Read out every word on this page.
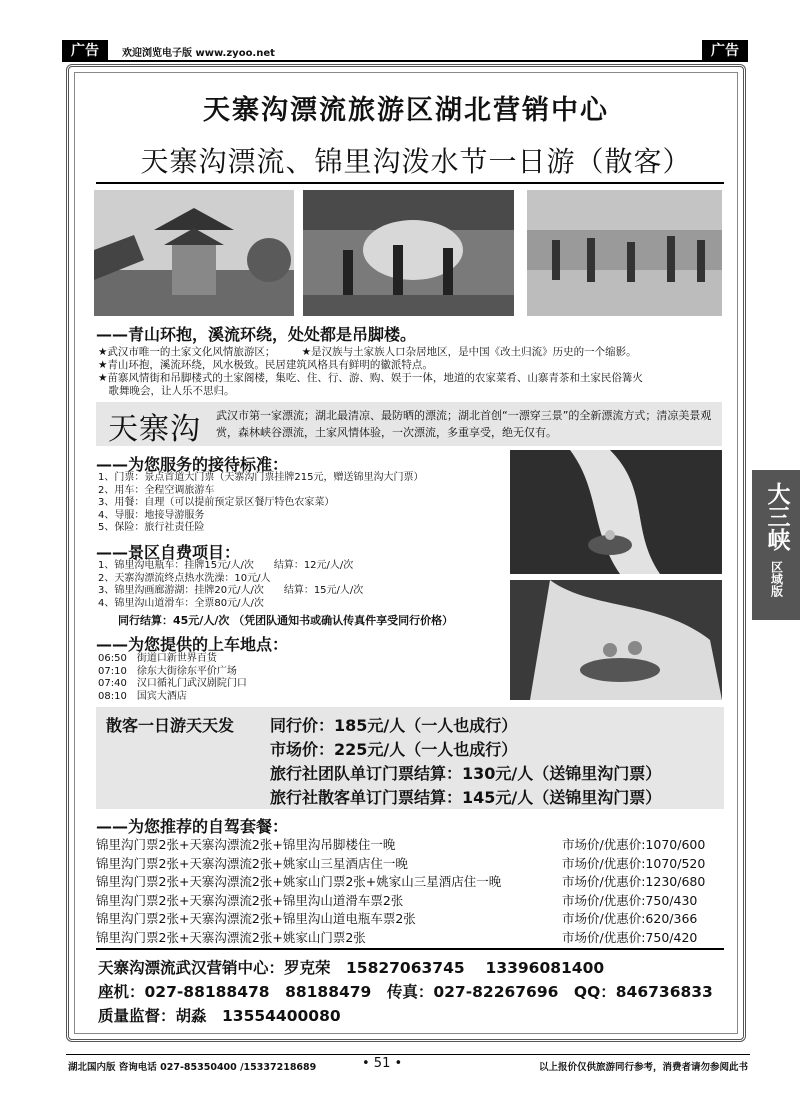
广告	欢迎浏览电子版 www.zyoo.net	广告
天寨沟漂流旅游区湖北营销中心
天寨沟漂流、锦里沟泼水节一日游（散客）
——青山环抱，溪流环绕，处处都是吊脚楼。

★武汉市唯一的土家文化风情旅游区；　　　★是汉族与土家族人口杂居地区，是中国《改土归流》历史的一个缩影。

★青山环抱，溪流环绕，风水极致。民居建筑风格具有鲜明的徽派特点。

★苗寨风情街和吊脚楼式的土家阁楼，集吃、住、行、游、购、娱于一体，地道的农家菜肴、山寨青茶和土家民俗篝火

　歌舞晚会，让人乐不思归。

天寨沟 武汉市第一家漂流；湖北最清凉、最防晒的漂流；湖北首创“一漂穿三景”的全新漂流方式；清凉美景观赏，森林峡谷漂流，土家风情体验，一次漂流，多重享受，绝无仅有。
——为您服务的接待标准：

1、门票：景点首道大门票（天寨沟门票挂牌215元，赠送锦里沟大门票）

2、用车：全程空调旅游车

3、用餐：自理（可以提前预定景区餐厅特色农家菜）

4、导服：地接导游服务

5、保险：旅行社责任险

——景区自费项目：

1、锦里沟电瓶车：挂牌15元/人/次　　结算：12元/人/次

2、天寨沟漂流终点热水洗澡：10元/人

3、锦里沟画廊游湖：挂牌20元/人/次　　结算：15元/人/次

4、锦里沟山道滑车：全票80元/人/次

同行结算：45元/人/次 （凭团队通知书或确认传真件享受同行价格）
——为您提供的上车地点：

06:50　街道口新世界百货

07:10　徐东大街徐东平价广场

07:40　汉口循礼门武汉剧院门口

08:10　国宾大酒店

散客一日游天天发 同行价：185元/人（一人也成行）
市场价：225元/人（一人也成行）
旅行社团队单订门票结算：130元/人（送锦里沟门票）
旅行社散客单订门票结算：145元/人（送锦里沟门票）
——为您推荐的自驾套餐：
锦里沟门票2张+天寨沟漂流2张+锦里沟吊脚楼住一晚	市场价/优惠价:1070/600
锦里沟门票2张+天寨沟漂流2张+姚家山三星酒店住一晚	市场价/优惠价:1070/520
锦里沟门票2张+天寨沟漂流2张+姚家山门票2张+姚家山三星酒店住一晚	市场价/优惠价:1230/680
锦里沟门票2张+天寨沟漂流2张+锦里沟山道滑车票2张	市场价/优惠价:750/430
锦里沟门票2张+天寨沟漂流2张+锦里沟山道电瓶车票2张	市场价/优惠价:620/366
锦里沟门票2张+天寨沟漂流2张+姚家山门票2张	市场价/优惠价:750/420
天寨沟漂流武汉营销中心：罗克荣　15827063745　 13396081400
座机：027-88188478　88188479　传真：027-82267696　QQ：846736833
质量监督：胡淼　13554400080
大三峡
区域版
湖北国内版 咨询电话 027-85350400 /15337218689	• 51 •	以上报价仅供旅游同行参考，消费者请勿参阅此书
